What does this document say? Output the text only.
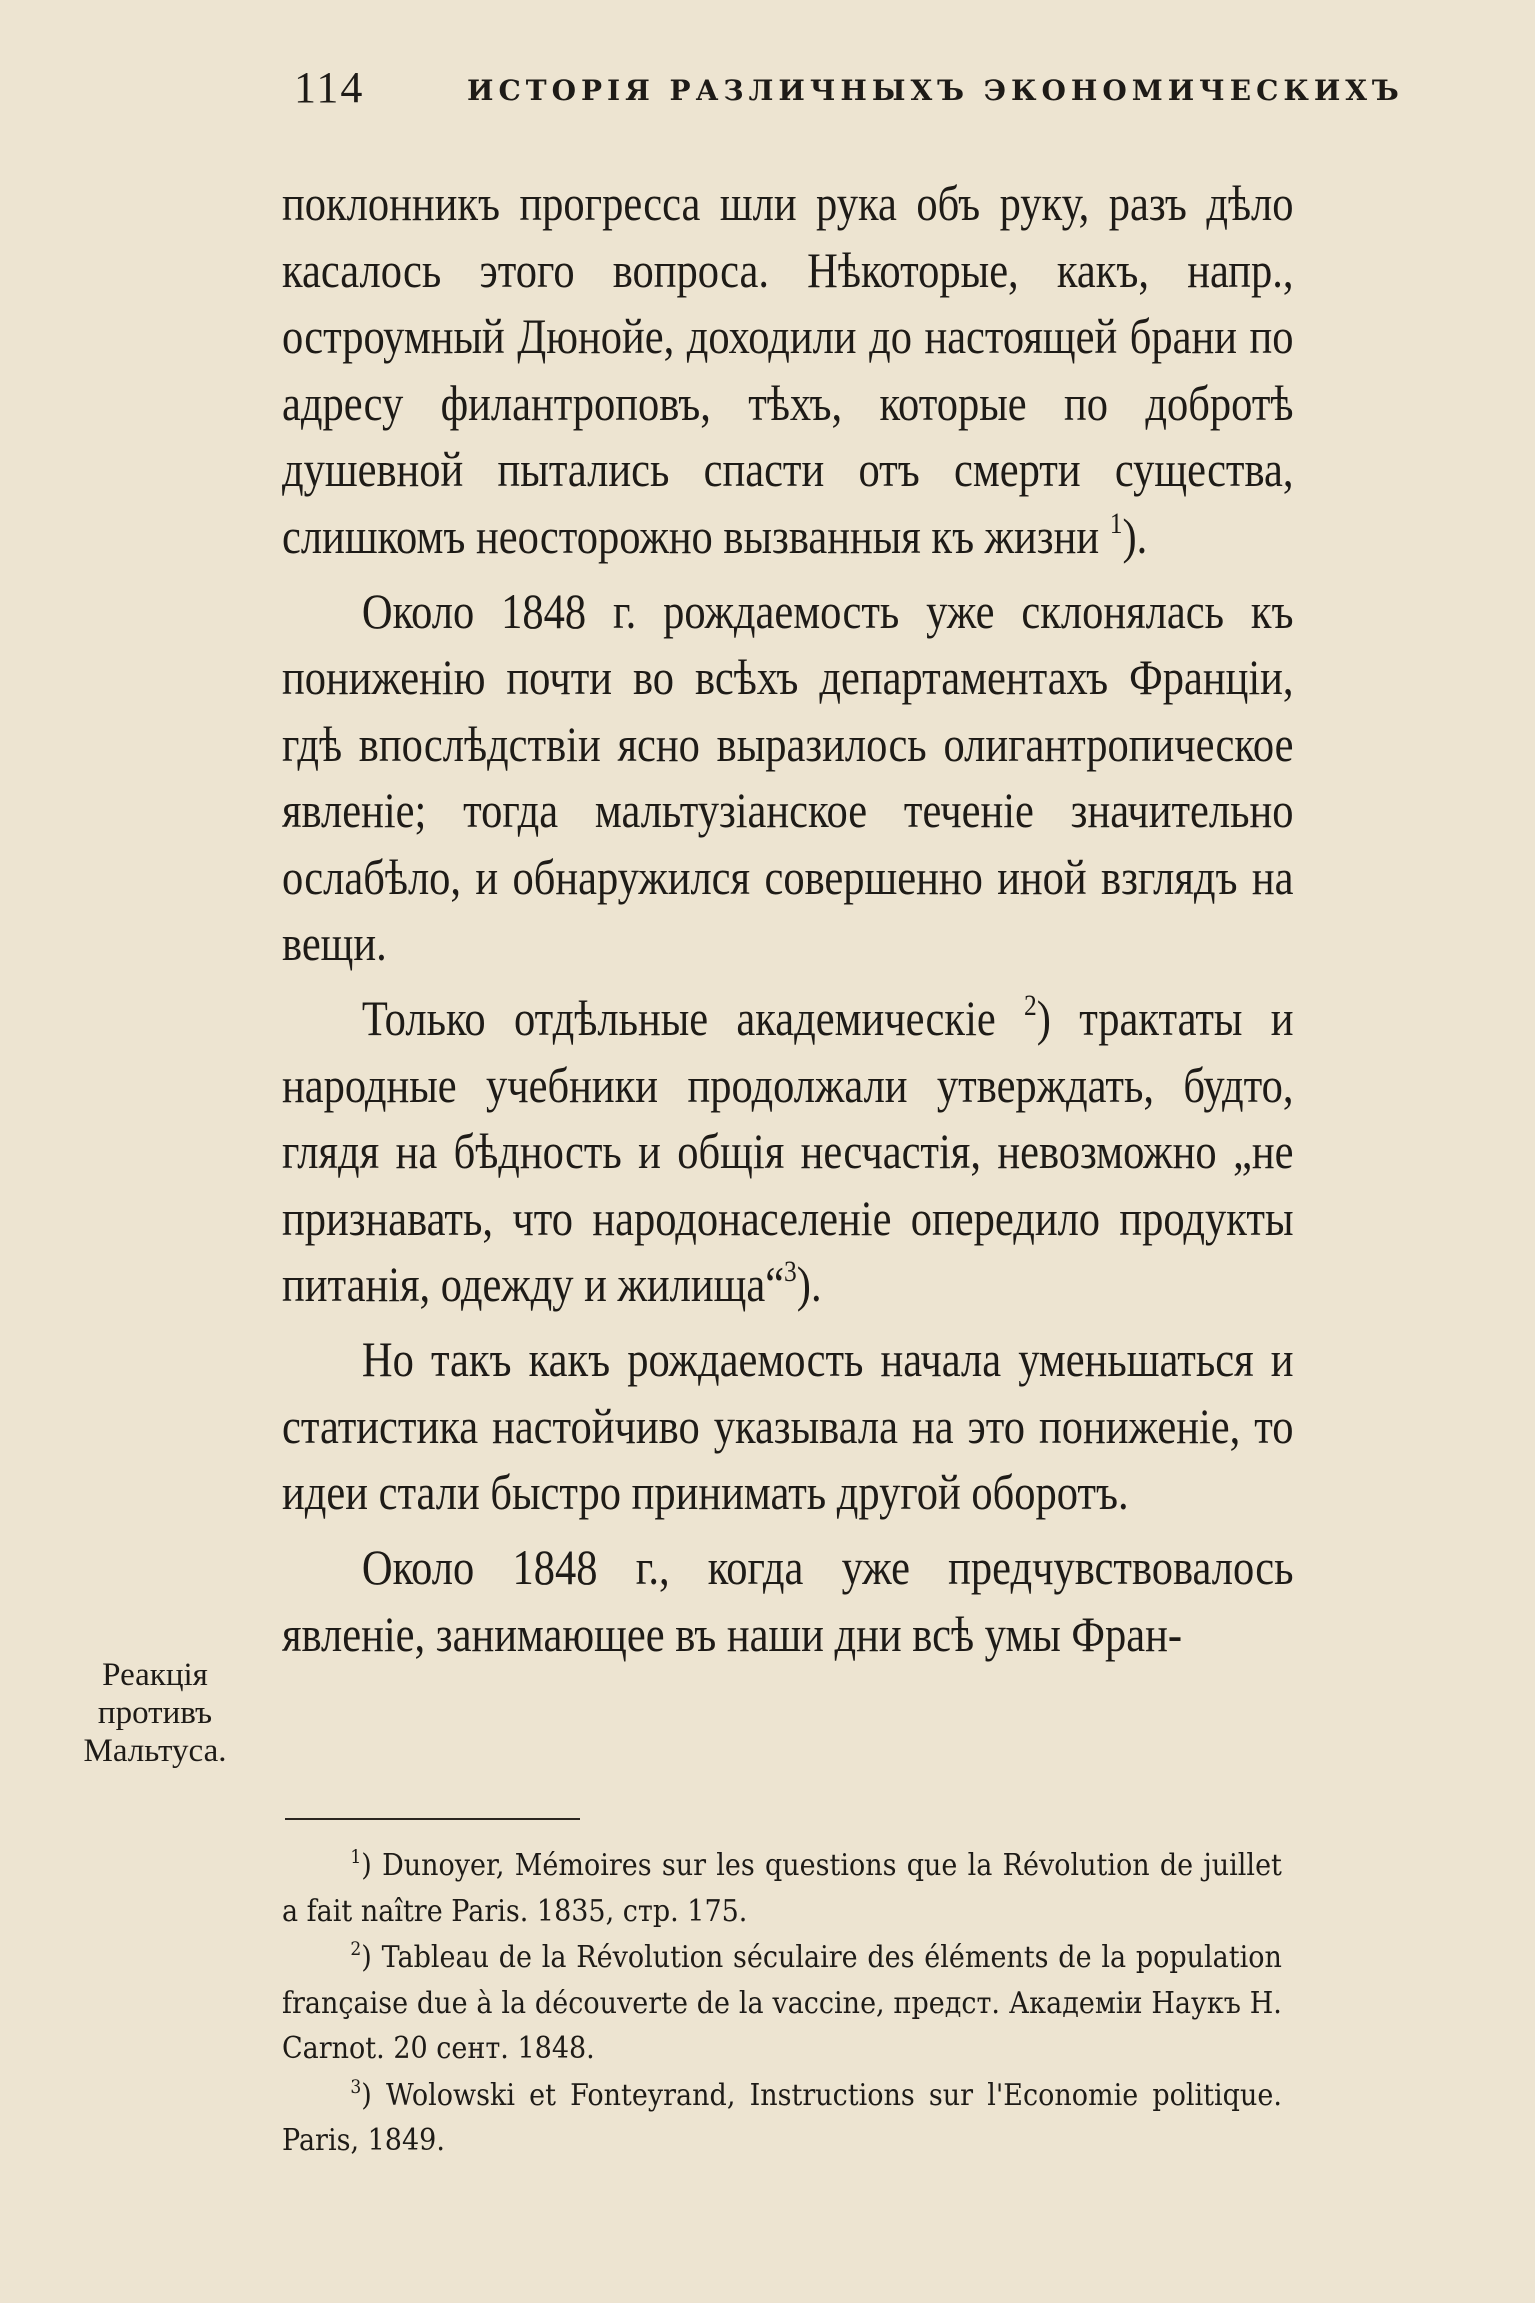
114	ИСТОРІЯ РАЗЛИЧНЫХЪ ЭКОНОМИЧЕСКИХЪ

поклонникъ прогресса шли рука объ руку, разъ дѣло касалось этого вопроса. Нѣкоторые, какъ, напр., остроумный Дюнойе, доходили до настоящей брани по адресу филантроповъ, тѣхъ, которые по добротѣ душевной пытались спасти отъ смерти существа, слишкомъ неосторожно вызванныя къ жизни $^1$).

Около 1848 г. рождаемость уже склонялась къ пониженію почти во всѣхъ департаментахъ Франціи, гдѣ впослѣдствіи ясно выразилось олигантропическое явленіе; тогда мальтузіанское теченіе значительно ослабѣло, и обнаружился совершенно иной взглядъ на вещи.

Только отдѣльные академическіе $^2$) трактаты и народные учебники продолжали утверждать, будто, глядя на бѣдность и общія несчастія, невозможно „не признавать, что народонаселеніе опередило продукты питанія, одежду и жилища“$^3$).

Но такъ какъ рождаемость начала уменьшаться и статистика настойчиво указывала на это пониженіе, то идеи стали быстро принимать другой оборотъ.

Около 1848 г., когда уже предчувствовалось явленіе, занимающее въ наши дни всѣ умы Фран-

Реакція
противъ
Мальтуса.

$^1$) Dunoyer, Mémoires sur les questions que la Révolution de juillet a fait naître Paris. 1835, стр. 175.

$^2$) Tableau de la Révolution séculaire des éléments de la population française due à la découverte de la vaccine, предст. Академіи Наукъ H. Carnot. 20 сент. 1848.

$^3$) Wolowski et Fonteyrand, Instructions sur l'Economie politique. Paris, 1849.
